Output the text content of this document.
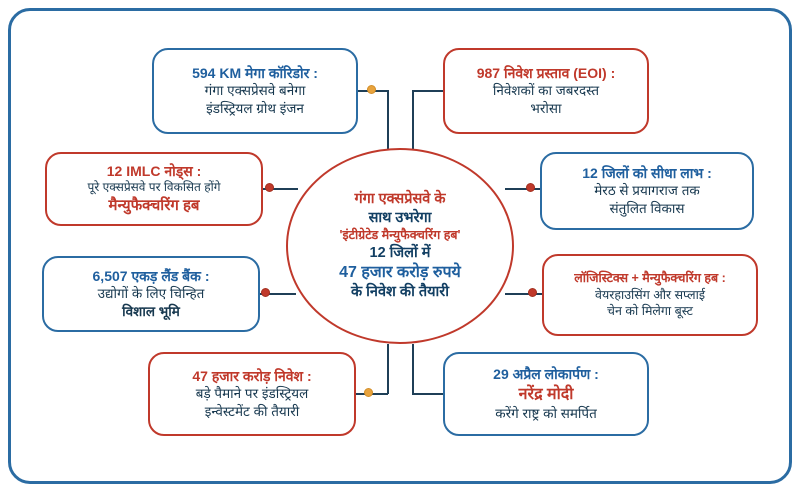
गंगा एक्सप्रेसवे के
साथ उभरेगा
'इंटीग्रेटेड मैन्युफैक्चरिंग हब'
12 जिलों में
47 हजार करोड़ रुपये
के निवेश की तैयारी
594 KM मेगा कॉरिडोर :
गंगा एक्सप्रेसवे बनेगा
इंडस्ट्रियल ग्रोथ इंजन
987 निवेश प्रस्ताव (EOI) :
निवेशकों का जबरदस्त
भरोसा
12 IMLC नोड्स :
पूरे एक्सप्रेसवे पर विकसित होंगे
मैन्युफैक्चरिंग हब
12 जिलों को सीधा लाभ :
मेरठ से प्रयागराज तक
संतुलित विकास
6,507 एकड़ लैंड बैंक :
उद्योगों के लिए चिन्हित
विशाल भूमि
लॉजिस्टिक्स + मैन्युफैक्चरिंग हब :
वेयरहाउसिंग और सप्लाई
चेन को मिलेगा बूस्ट
47 हजार करोड़ निवेश :
बड़े पैमाने पर इंडस्ट्रियल
इन्वेस्टमेंट की तैयारी
29 अप्रैल लोकार्पण :
नरेंद्र मोदी
करेंगे राष्ट्र को समर्पित
